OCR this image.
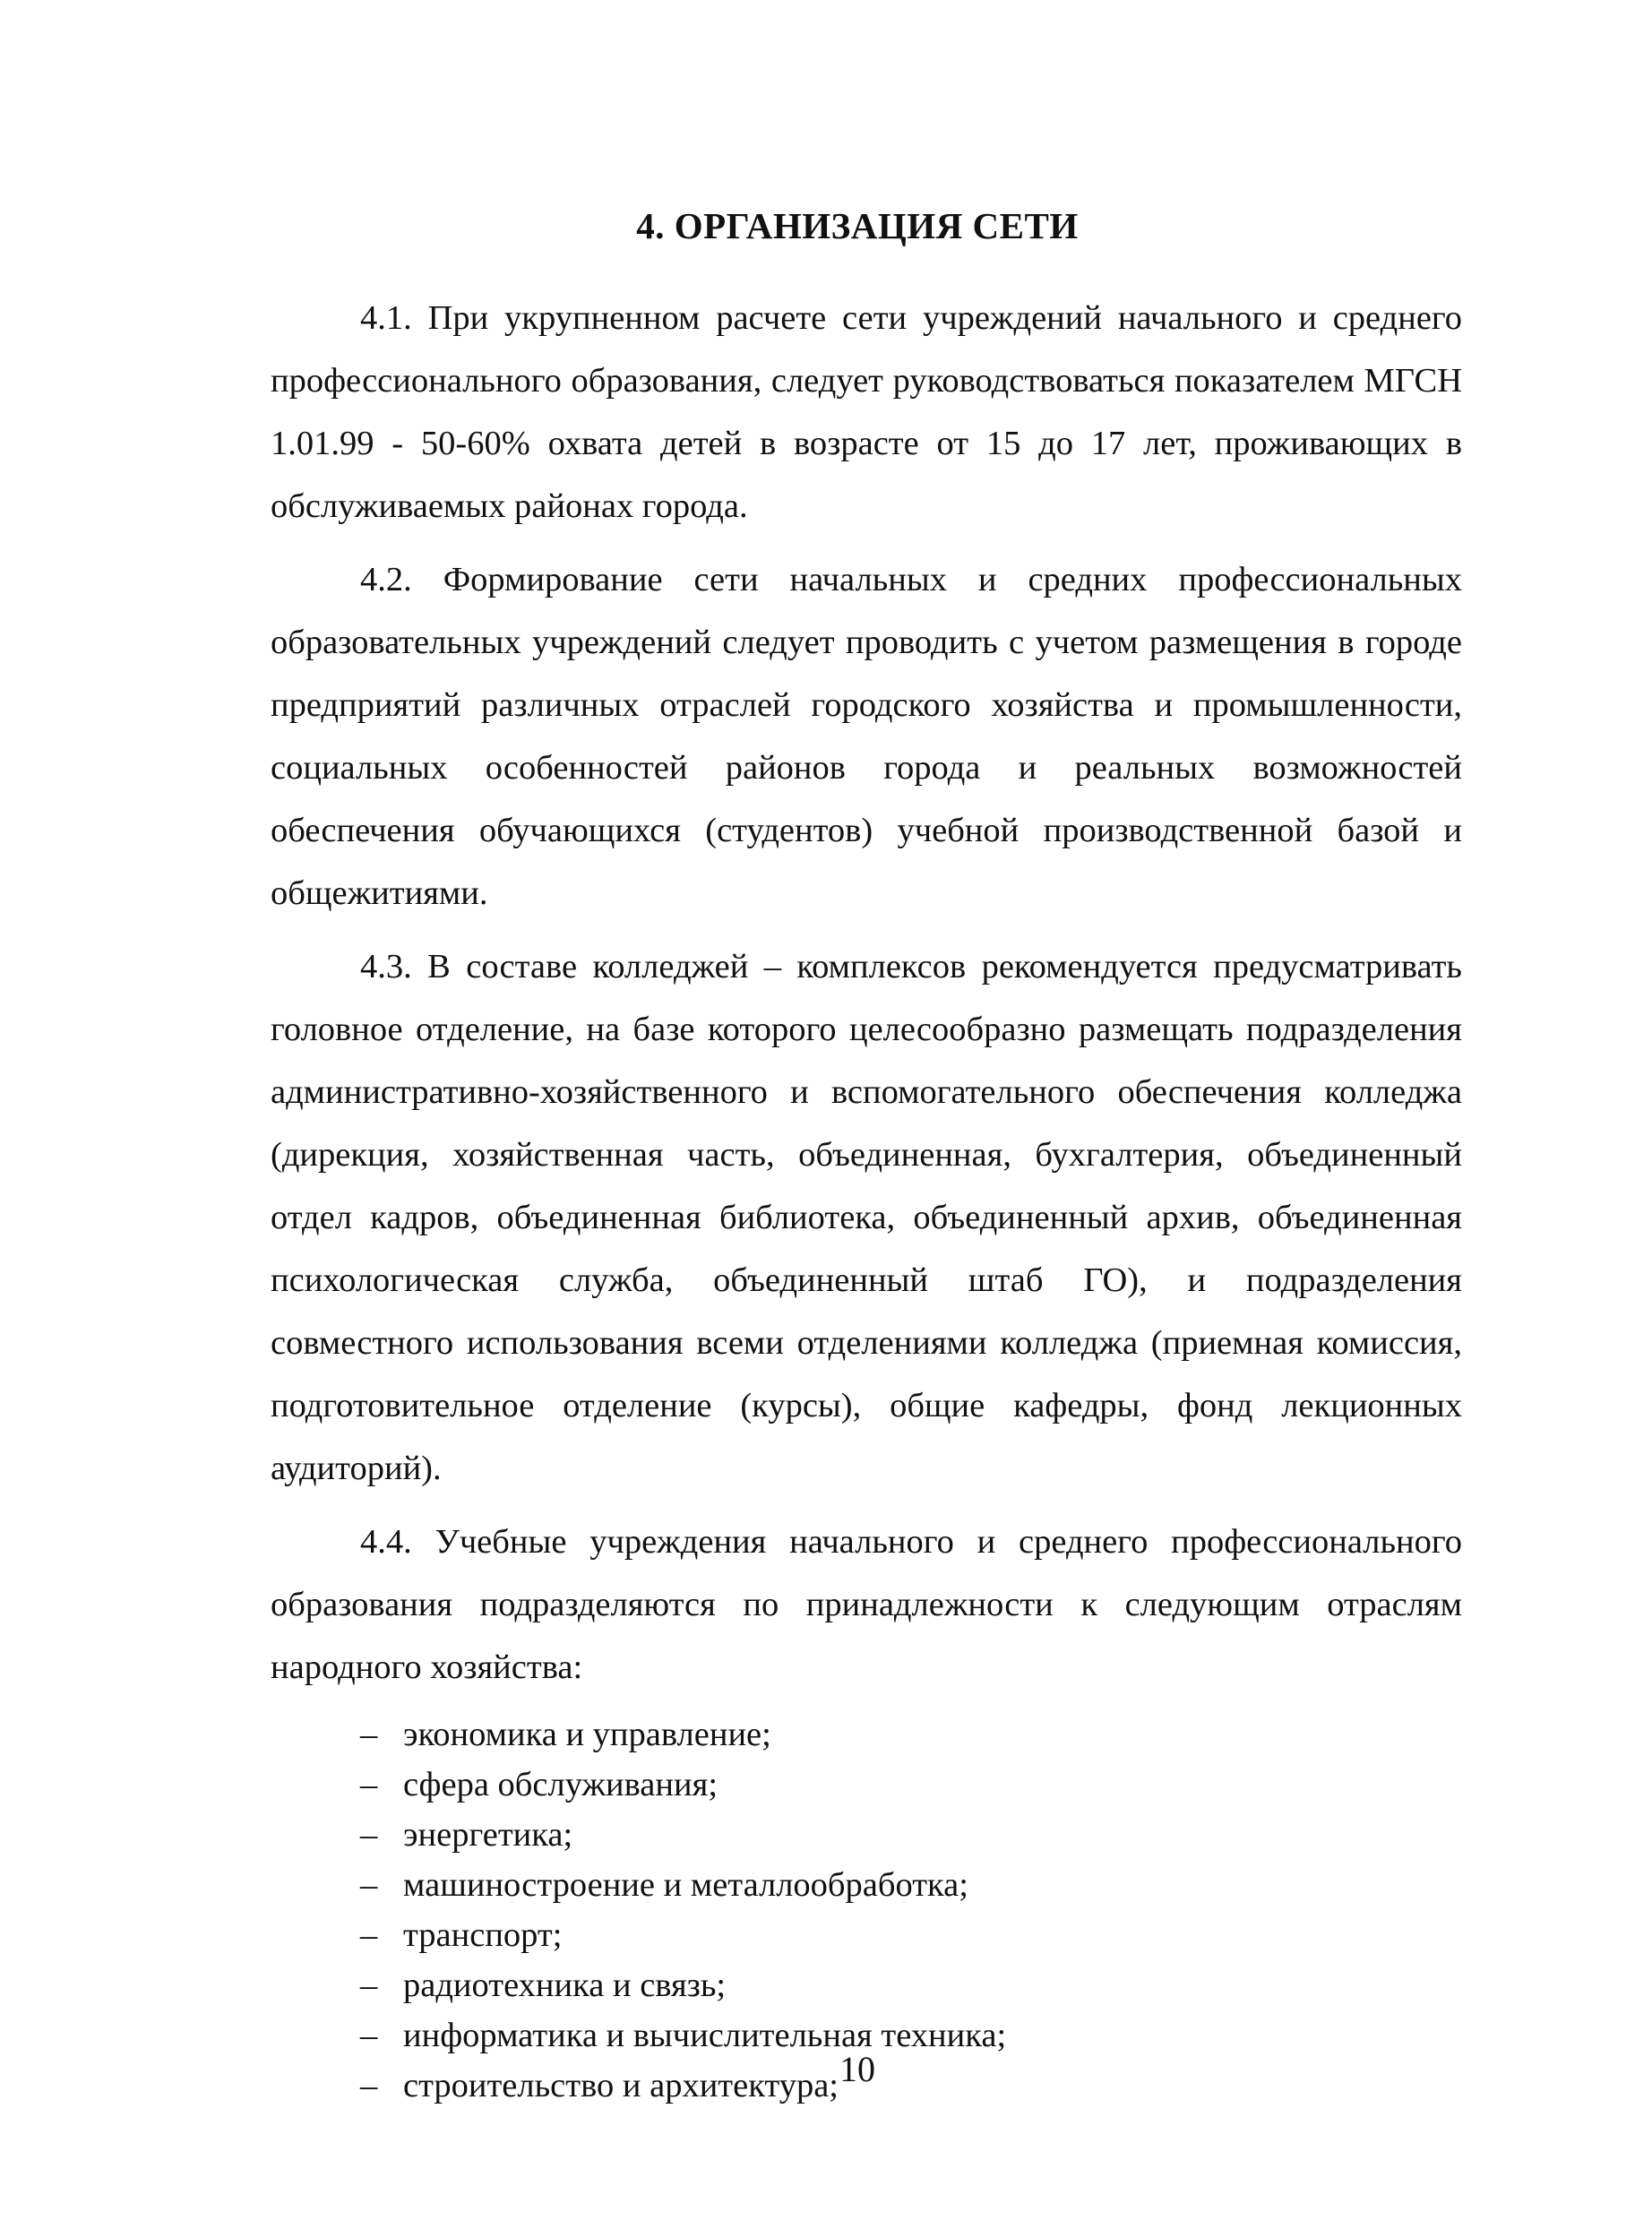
4. ОРГАНИЗАЦИЯ СЕТИ

4.1. При укрупненном расчете сети учреждений начального и среднего профессионального образования, следует руководствоваться показателем МГСН 1.01.99 - 50-60% охвата детей в возрасте от 15 до 17 лет, проживающих в обслуживаемых районах города.

4.2. Формирование сети начальных и средних профессиональных образовательных учреждений следует проводить с учетом размещения в городе предприятий различных отраслей городского хозяйства и промышленности, социальных особенностей районов города и реальных возможностей обеспечения обучающихся (студентов) учебной производственной базой и общежитиями.

4.3. В составе колледжей – комплексов рекомендуется предусматривать головное отделение, на базе которого целесообразно размещать подразделения административно-хозяйственного и вспомогательного обеспечения колледжа (дирекция, хозяйственная часть, объединенная, бухгалтерия, объединенный отдел кадров, объединенная библиотека, объединенный архив, объединенная психологическая служба, объединенный штаб ГО), и подразделения совместного использования всеми отделениями колледжа (приемная комиссия, подготовительное отделение (курсы), общие кафедры, фонд лекционных аудиторий).

4.4. Учебные учреждения начального и среднего профессионального образования подразделяются по принадлежности к следующим отраслям народного хозяйства:

– экономика и управление;
– сфера обслуживания;
– энергетика;
– машиностроение и металлообработка;
– транспорт;
– радиотехника и связь;
– информатика и вычислительная техника;
– строительство и архитектура; 10
